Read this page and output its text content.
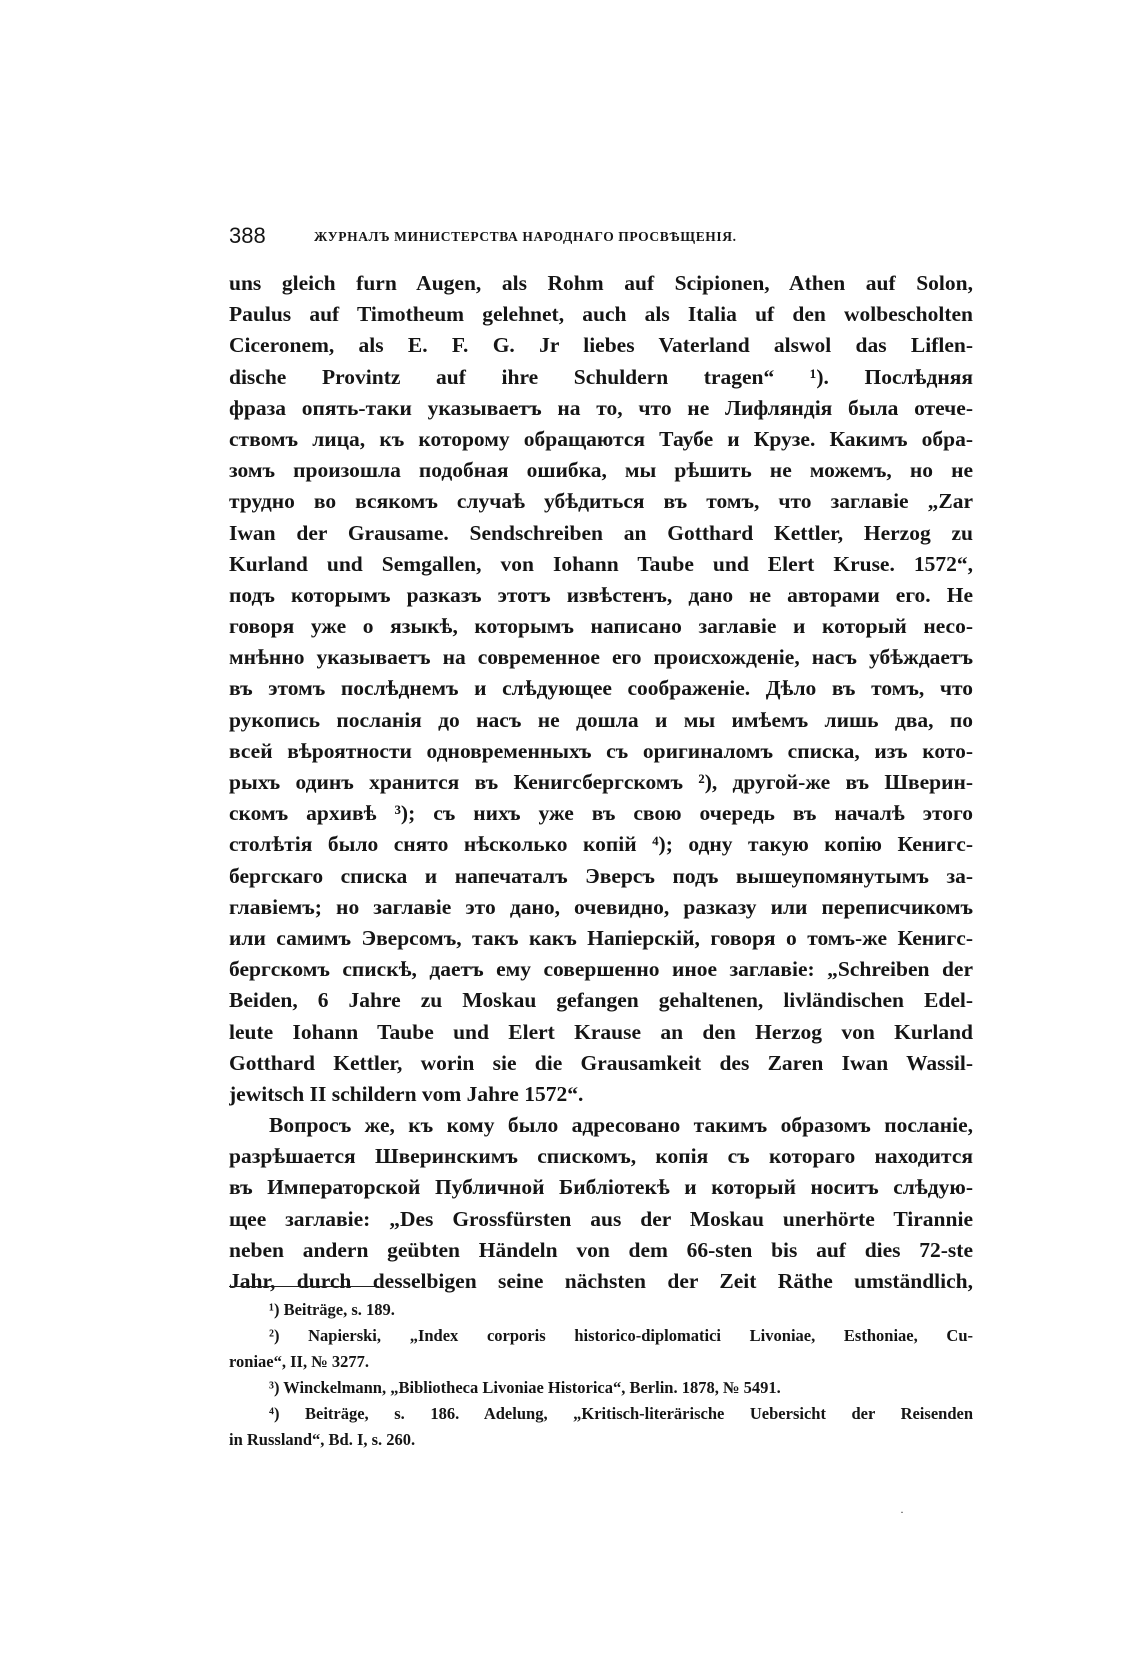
388	ЖУРНАЛЪ МИНИСТЕРСТВА НАРОДНАГО ПРОСВѢЩЕНІЯ.
uns gleich furn Augen, als Rohm auf Scipionen, Athen auf Solon,
Paulus auf Timotheum gelehnet, auch als Italia uf den wolbescholten
Ciceronem, als E. F. G. Jr liebes Vaterland alswol das Liflen-
dische Provintz auf ihre Schuldern tragen“ ¹). Послѣдняя
фраза опять-таки указываетъ на то, что не Лифляндія была отече-
ствомъ лица, къ которому обращаются Таубе и Крузе. Какимъ обра-
зомъ произошла подобная ошибка, мы рѣшить не можемъ, но не
трудно во всякомъ случаѣ убѣдиться въ томъ, что заглавіе „Zar
Iwan der Grausame. Sendschreiben an Gotthard Kettler, Herzog zu
Kurland und Semgallen, von Iohann Taube und Elert Kruse. 1572“,
подъ которымъ разказъ этотъ извѣстенъ, дано не авторами его. Не
говоря уже о языкѣ, которымъ написано заглавіе и который несо-
мнѣнно указываетъ на современное его происхожденіе, насъ убѣждаетъ
въ этомъ послѣднемъ и слѣдующее соображеніе. Дѣло въ томъ, что
рукопись посланія до насъ не дошла и мы имѣемъ лишь два, по
всей вѣроятности одновременныхъ съ оригиналомъ списка, изъ кото-
рыхъ одинъ хранится въ Кенигсбергскомъ ²), другой-же въ Шверин-
скомъ архивѣ ³); съ нихъ уже въ свою очередь въ началѣ этого
столѣтія было снято нѣсколько копій ⁴); одну такую копію Кенигс-
бергскаго списка и напечаталъ Эверсъ подъ вышеупомянутымъ за-
главіемъ; но заглавіе это дано, очевидно, разказу или переписчикомъ
или самимъ Эверсомъ, такъ какъ Напіерскій, говоря о томъ-же Кенигс-
бергскомъ спискѣ, даетъ ему совершенно иное заглавіе: „Schreiben der
Beiden, 6 Jahre zu Moskau gefangen gehaltenen, livländischen Edel-
leute Iohann Taube und Elert Krause an den Herzog von Kurland
Gotthard Kettler, worin sie die Grausamkeit des Zaren Iwan Wassil-
jewitsch II schildern vom Jahre 1572“.
Вопросъ же, къ кому было адресовано такимъ образомъ посланіе,
разрѣшается Шверинскимъ спискомъ, копія съ котораго находится
въ Императорской Публичной Библіотекѣ и который носитъ слѣдую-
щее заглавіе: „Des Grossfürsten aus der Moskau unerhörte Tirannie
neben andern geübten Händeln von dem 66-sten bis auf dies 72-ste
Jahr, durch desselbigen seine nächsten der Zeit Räthe umständlich,
¹) Beiträge, s. 189.
²) Napierski, „Index corporis historico-diplomatici Livoniae, Esthoniae, Cu-
roniae“, II, № 3277.
³) Winckelmann, „Bibliotheca Livoniae Historica“, Berlin. 1878, № 5491.
⁴) Beiträge, s. 186. Adelung, „Kritisch-literärische Uebersicht der Reisenden
in Russland“, Bd. I, s. 260.
·
